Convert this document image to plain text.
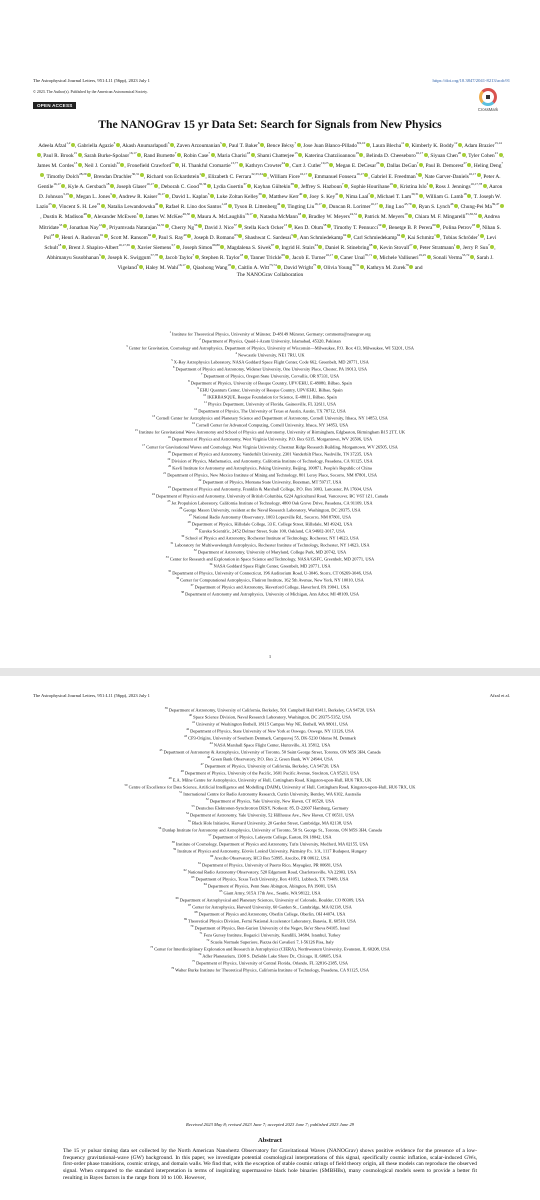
The Astrophysical Journal Letters, 951:L11 (56pp), 2023 July 1	https://doi.org/10.3847/2041-8213/acdc91
© 2023. The Author(s). Published by the American Astronomical Society.
OPEN ACCESS
CrossMark
The NANOGrav 15 yr Data Set: Search for Signals from New Physics
Adeela Afzal$^{1,2}$ , Gabriella Agazie$^3$ , Akash Anumarlapudi$^3$ , Zaven Arzoumanian$^5$ , Paul T. Baker$^6$ , Bence Bécsy$^7$ , Jose Juan Blanco-Pillado$^{8,9,10}$ , Laura Blecha$^{11}$ , Kimberly K. Boddy$^{12}$ , Adam Brazier$^{13,14}$, Paul R. Brook$^{15}$ , Sarah Burke-Spolaor$^{16,17}$ , Rand Burnette$^7$ , Robin Case$^7$ , Maria Charisi$^{18}$ , Shami Chatterjee$^{13}$ , Katerina Chatziioannou$^{19}$ , Belinda D. Cheeseboro$^{16,17}$ , Siyuan Chen$^{20}$ , Tyler Cohen$^{21}$ , James M. Cordes$^{13}$ , Neil J. Cornish$^{22}$ , Fronefield Crawford$^{23}$ , H. Thankful Cromartie$^{13,77}$ , Kathryn Crowter$^{24}$ , Curt J. Cutler$^{19,25}$ , Megan E. DeCesar$^{26}$ , Dallas DeGan$^7$ , Paul B. Demorest$^{27}$ , Heling Deng$^7$, Timothy Dolch$^{28,29}$ , Brendan Drachler$^{30,31}$ , Richard von Eckardstein$^1$ , Elizabeth C. Ferrara$^{32,33,34}$ , William Fiore$^{16,17}$ , Emmanuel Fonseca$^{16,17}$ , Gabriel E. Freedman$^3$ , Nate Garver-Daniels$^{16,17}$ , Peter A. Gentile$^{16,17}$ , Kyle A. Gersbach$^{18}$ , Joseph Glaser$^{16,17}$ , Deborah C. Good$^{35,36}$ , Lydia Guertin$^{37}$ , Kayhan Gültekin$^{38}$ , Jeffrey S. Hazboun$^7$ , Sophie Hourihane$^{19}$ , Kristina Islo$^3$ , Ross J. Jennings$^{16,17,78}$ , Aaron D. Johnson$^{3,19}$ , Megan L. Jones$^3$ , Andrew R. Kaiser$^{16,17}$ , David L. Kaplan$^3$ , Luke Zoltan Kelley$^{39}$ , Matthew Kerr$^{40}$ , Joey S. Key$^{41}$ , Nima Laal$^7$ , Michael T. Lam$^{30,31}$ , William G. Lamb$^{18}$ , T. Joseph W. Lazio$^{25}$ , Vincent S. H. Lee$^{19}$ , Natalia Lewandowska$^{42}$ , Rafael R. Lino dos Santos$^{1,43}$ , Tyson B. Littenberg$^{44}$ , Tingting Liu$^{16,17}$ , Duncan R. Lorimer$^{16,17}$ , Jing Luo$^{45,79}$ , Ryan S. Lynch$^{46}$ , Chung-Pei Ma$^{39,47}$, Dustin R. Madison$^{48}$ , Alexander McEwen$^3$ , James W. McKee$^{49,50}$ , Maura A. McLaughlin$^{16,17}$ , Natasha McMann$^{18}$ , Bradley W. Meyers$^{24,51}$ , Patrick M. Meyers$^{19}$ , Chiara M. F. Mingarelli$^{35,36,52}$ , Andrea Mitridate$^{53}$ , Jonathan Nay$^{12}$ , Priyamvada Natarajan$^{54,55}$ , Cherry Ng$^{56}$ , David J. Nice$^{57}$ , Stella Koch Ocker$^{13}$ , Ken D. Olum$^{58}$ , Timothy T. Pennucci$^{59}$ , Benetge B. P. Perera$^{60}$ , Polina Petrov$^{18}$ , Nihan S. Pol$^{18}$ , Henri A. Radovan$^{61}$ , Scott M. Ransom$^{62}$ , Paul S. Ray$^{40}$ , Joseph D. Romano$^{63}$ , Shashwat C. Sardesai$^3$ , Ann Schmiedekamp$^{64}$ , Carl Schmiedekamp$^{64}$ , Kai Schmitz$^1$ , Tobias Schröder$^1$ , Levi Schult$^{18}$ , Brent J. Shapiro-Albert$^{16,17,65}$ , Xavier Siemens$^{3,7}$ , Joseph Simon$^{66,80}$ , Magdalena S. Siwek$^{67}$ , Ingrid H. Stairs$^{24}$ , Daniel R. Stinebring$^{68}$ , Kevin Stovall$^{27}$ , Peter Stratmann$^1$ , Jerry P. Sun$^7$ , Abhimanyu Susobhanan$^3$ , Joseph K. Swiggum$^{57,78}$ , Jacob Taylor$^7$ , Stephen R. Taylor$^{18}$ , Tanner Trickle$^{69}$ , Jacob E. Turner$^{16,17}$ , Caner Unal$^{70,71}$ , Michele Vallisneri$^{19,25}$ , Sonali Verma$^{53,72}$ , Sarah J. Vigeland$^3$ , Haley M. Wahl$^{16,17}$ , Qiaohong Wang$^{18}$ , Caitlin A. Witt$^{73,74}$ , David Wright$^{75}$ , Olivia Young$^{30,31}$ , Kathryn M. Zurek$^{76}$ and
The NANOGrav Collaboration
$^1$ Institute for Theoretical Physics, University of Münster, D-48149 Münster, Germany; comments@nanograv.org
$^2$ Department of Physics, Quaid-i-Azam University, Islamabad, 45320, Pakistan
$^3$ Center for Gravitation, Cosmology and Astrophysics, Department of Physics, University of Wisconsin—Milwaukee, P.O. Box 413, Milwaukee, WI 53201, USA
$^4$ Newcastle University, NE1 7RU, UK
$^5$ X-Ray Astrophysics Laboratory, NASA Goddard Space Flight Center, Code 662, Greenbelt, MD 20771, USA
$^6$ Department of Physics and Astronomy, Widener University, One University Place, Chester, PA 19013, USA
$^7$ Department of Physics, Oregon State University, Corvallis, OR 97331, USA
$^8$ Department of Physics, University of Basque Country, UPV/EHU, E-48080, Bilbao, Spain
$^9$ EHU Quantum Center, University of Basque Country, UPV/EHU, Bilbao, Spain
$^{10}$ IKERBASQUE, Basque Foundation for Science, E-48011, Bilbao, Spain
$^{11}$ Physics Department, University of Florida, Gainesville, FL 32611, USA
$^{12}$ Department of Physics, The University of Texas at Austin, Austin, TX 78712, USA
$^{13}$ Cornell Center for Astrophysics and Planetary Science and Department of Astronomy, Cornell University, Ithaca, NY 14853, USA
$^{14}$ Cornell Center for Advanced Computing, Cornell University, Ithaca, NY 14853, USA
$^{15}$ Institute for Gravitational Wave Astronomy and School of Physics and Astronomy, University of Birmingham, Edgbaston, Birmingham B15 2TT, UK
$^{16}$ Department of Physics and Astronomy, West Virginia University, P.O. Box 6315, Morgantown, WV 26506, USA
$^{17}$ Center for Gravitational Waves and Cosmology, West Virginia University, Chestnut Ridge Research Building, Morgantown, WV 26505, USA
$^{18}$ Department of Physics and Astronomy, Vanderbilt University, 2301 Vanderbilt Place, Nashville, TN 37235, USA
$^{19}$ Division of Physics, Mathematics, and Astronomy, California Institute of Technology, Pasadena, CA 91125, USA
$^{20}$ Kavli Institute for Astronomy and Astrophysics, Peking University, Beijing, 100871, People's Republic of China
$^{21}$ Department of Physics, New Mexico Institute of Mining and Technology, 801 Leroy Place, Socorro, NM 87801, USA
$^{22}$ Department of Physics, Montana State University, Bozeman, MT 59717, USA
$^{23}$ Department of Physics and Astronomy, Franklin & Marshall College, P.O. Box 3003, Lancaster, PA 17604, USA
$^{24}$ Department of Physics and Astronomy, University of British Columbia, 6224 Agricultural Road, Vancouver, BC V6T 1Z1, Canada
$^{25}$ Jet Propulsion Laboratory, California Institute of Technology, 4800 Oak Grove Drive, Pasadena, CA 91109, USA
$^{26}$ George Mason University, resident at the Naval Research Laboratory, Washington, DC 20375, USA
$^{27}$ National Radio Astronomy Observatory, 1003 Lopezville Rd., Socorro, NM 87801, USA
$^{28}$ Department of Physics, Hillsdale College, 33 E. College Street, Hillsdale, MI 49242, USA
$^{29}$ Eureka Scientific, 2452 Delmer Street, Suite 100, Oakland, CA 94602-3017, USA
$^{30}$ School of Physics and Astronomy, Rochester Institute of Technology, Rochester, NY 14623, USA
$^{31}$ Laboratory for Multiwavelength Astrophysics, Rochester Institute of Technology, Rochester, NY 14623, USA
$^{32}$ Department of Astronomy, University of Maryland, College Park, MD 20742, USA
$^{33}$ Center for Research and Exploration in Space Science and Technology, NASA/GSFC, Greenbelt, MD 20771, USA
$^{34}$ NASA Goddard Space Flight Center, Greenbelt, MD 20771, USA
$^{35}$ Department of Physics, University of Connecticut, 196 Auditorium Road, U-3046, Storrs, CT 06269-3046, USA
$^{36}$ Center for Computational Astrophysics, Flatiron Institute, 162 5th Avenue, New York, NY 10010, USA
$^{37}$ Department of Physics and Astronomy, Haverford College, Haverford, PA 19041, USA
$^{38}$ Department of Astronomy and Astrophysics, University of Michigan, Ann Arbor, MI 48109, USA
1
The Astrophysical Journal Letters, 951:L11 (56pp), 2023 July 1	Afzal et al.
$^{39}$ Department of Astronomy, University of California, Berkeley, 501 Campbell Hall #3411, Berkeley, CA 94720, USA
$^{40}$ Space Science Division, Naval Research Laboratory, Washington, DC 20375-5352, USA
$^{41}$ University of Washington Bothell, 18115 Campus Way NE, Bothell, WA 98011, USA
$^{42}$ Department of Physics, State University of New York at Oswego, Oswego, NY 13126, USA
$^{43}$ CP3-Origins, University of Southern Denmark, Campusvej 55, DK-5230 Odense M, Denmark
$^{44}$ NASA Marshall Space Flight Center, Huntsville, AL 35812, USA
$^{45}$ Department of Astronomy & Astrophysics, University of Toronto, 50 Saint George Street, Toronto, ON M5S 3H4, Canada
$^{46}$ Green Bank Observatory, P.O. Box 2, Green Bank, WV 24944, USA
$^{47}$ Department of Physics, University of California, Berkeley, CA 94720, USA
$^{48}$ Department of Physics, University of the Pacific, 3601 Pacific Avenue, Stockton, CA 95211, USA
$^{49}$ E.A. Milne Centre for Astrophysics, University of Hull, Cottingham Road, Kingston-upon-Hull, HU6 7RX, UK
$^{50}$ Centre of Excellence for Data Science, Artificial Intelligence and Modelling (DAIM), University of Hull, Cottingham Road, Kingston-upon-Hull, HU6 7RX, UK
$^{51}$ International Centre for Radio Astronomy Research, Curtin University, Bentley, WA 6102, Australia
$^{52}$ Department of Physics, Yale University, New Haven, CT 06520, USA
$^{53}$ Deutsches Elektronen-Synchrotron DESY, Notkestr. 85, D-22607 Hamburg, Germany
$^{54}$ Department of Astronomy, Yale University, 52 Hillhouse Ave., New Haven, CT 06511, USA
$^{55}$ Black Hole Initiative, Harvard University, 20 Garden Street, Cambridge, MA 02138, USA
$^{56}$ Dunlap Institute for Astronomy and Astrophysics, University of Toronto, 50 St. George St., Toronto, ON M5S 3H4, Canada
$^{57}$ Department of Physics, Lafayette College, Easton, PA 18042, USA
$^{58}$ Institute of Cosmology, Department of Physics and Astronomy, Tufts University, Medford, MA 02155, USA
$^{59}$ Institute of Physics and Astronomy, Eötvös Loránd University, Pázmány P.s. 1/A, 1117 Budapest, Hungary
$^{60}$ Arecibo Observatory, HC3 Box 53995, Arecibo, PR 00612, USA
$^{61}$ Department of Physics, University of Puerto Rico, Mayagüez, PR 00681, USA
$^{62}$ National Radio Astronomy Observatory, 520 Edgemont Road, Charlottesville, VA 22903, USA
$^{63}$ Department of Physics, Texas Tech University, Box 41051, Lubbock, TX 79409, USA
$^{64}$ Department of Physics, Penn State Abington, Abington, PA 19001, USA
$^{65}$ Giant Army, 915A 17th Ave., Seattle, WA 98122, USA
$^{66}$ Department of Astrophysical and Planetary Sciences, University of Colorado, Boulder, CO 80309, USA
$^{67}$ Center for Astrophysics, Harvard University, 60 Garden St., Cambridge, MA 02138, USA
$^{68}$ Department of Physics and Astronomy, Oberlin College, Oberlin, OH 44074, USA
$^{69}$ Theoretical Physics Division, Fermi National Accelerator Laboratory, Batavia, IL 60510, USA
$^{70}$ Department of Physics, Ben-Gurion University of the Negev, Be'er Sheva 84105, Israel
$^{71}$ Feza Gursey Institute, Bogazici University, Kandilli, 34684, Istanbul, Turkey
$^{72}$ Scuola Normale Superiore, Piazza dei Cavalieri 7, I-56126 Pisa, Italy
$^{73}$ Center for Interdisciplinary Exploration and Research in Astrophysics (CIERA), Northwestern University, Evanston, IL 60208, USA
$^{74}$ Adler Planetarium, 1300 S. DuSable Lake Shore Dr., Chicago, IL 60605, USA
$^{75}$ Department of Physics, University of Central Florida, Orlando, FL 32816-2385, USA
$^{76}$ Walter Burke Institute for Theoretical Physics, California Institute of Technology, Pasadena, CA 91125, USA
Received 2023 May 8; revised 2023 June 7; accepted 2023 June 7; published 2023 June 29
Abstract
The 15 yr pulsar timing data set collected by the North American Nanohertz Observatory for Gravitational Waves (NANOGrav) shows positive evidence for the presence of a low-frequency gravitational-wave (GW) background. In this paper, we investigate potential cosmological interpretations of this signal, specifically cosmic inflation, scalar-induced GWs, first-order phase transitions, cosmic strings, and domain walls. We find that, with the exception of stable cosmic strings of field theory origin, all these models can reproduce the observed signal. When compared to the standard interpretation in terms of inspiraling supermassive black hole binaries (SMBHBs), many cosmological models seem to provide a better fit resulting in Bayes factors in the range from 10 to 100. However,
